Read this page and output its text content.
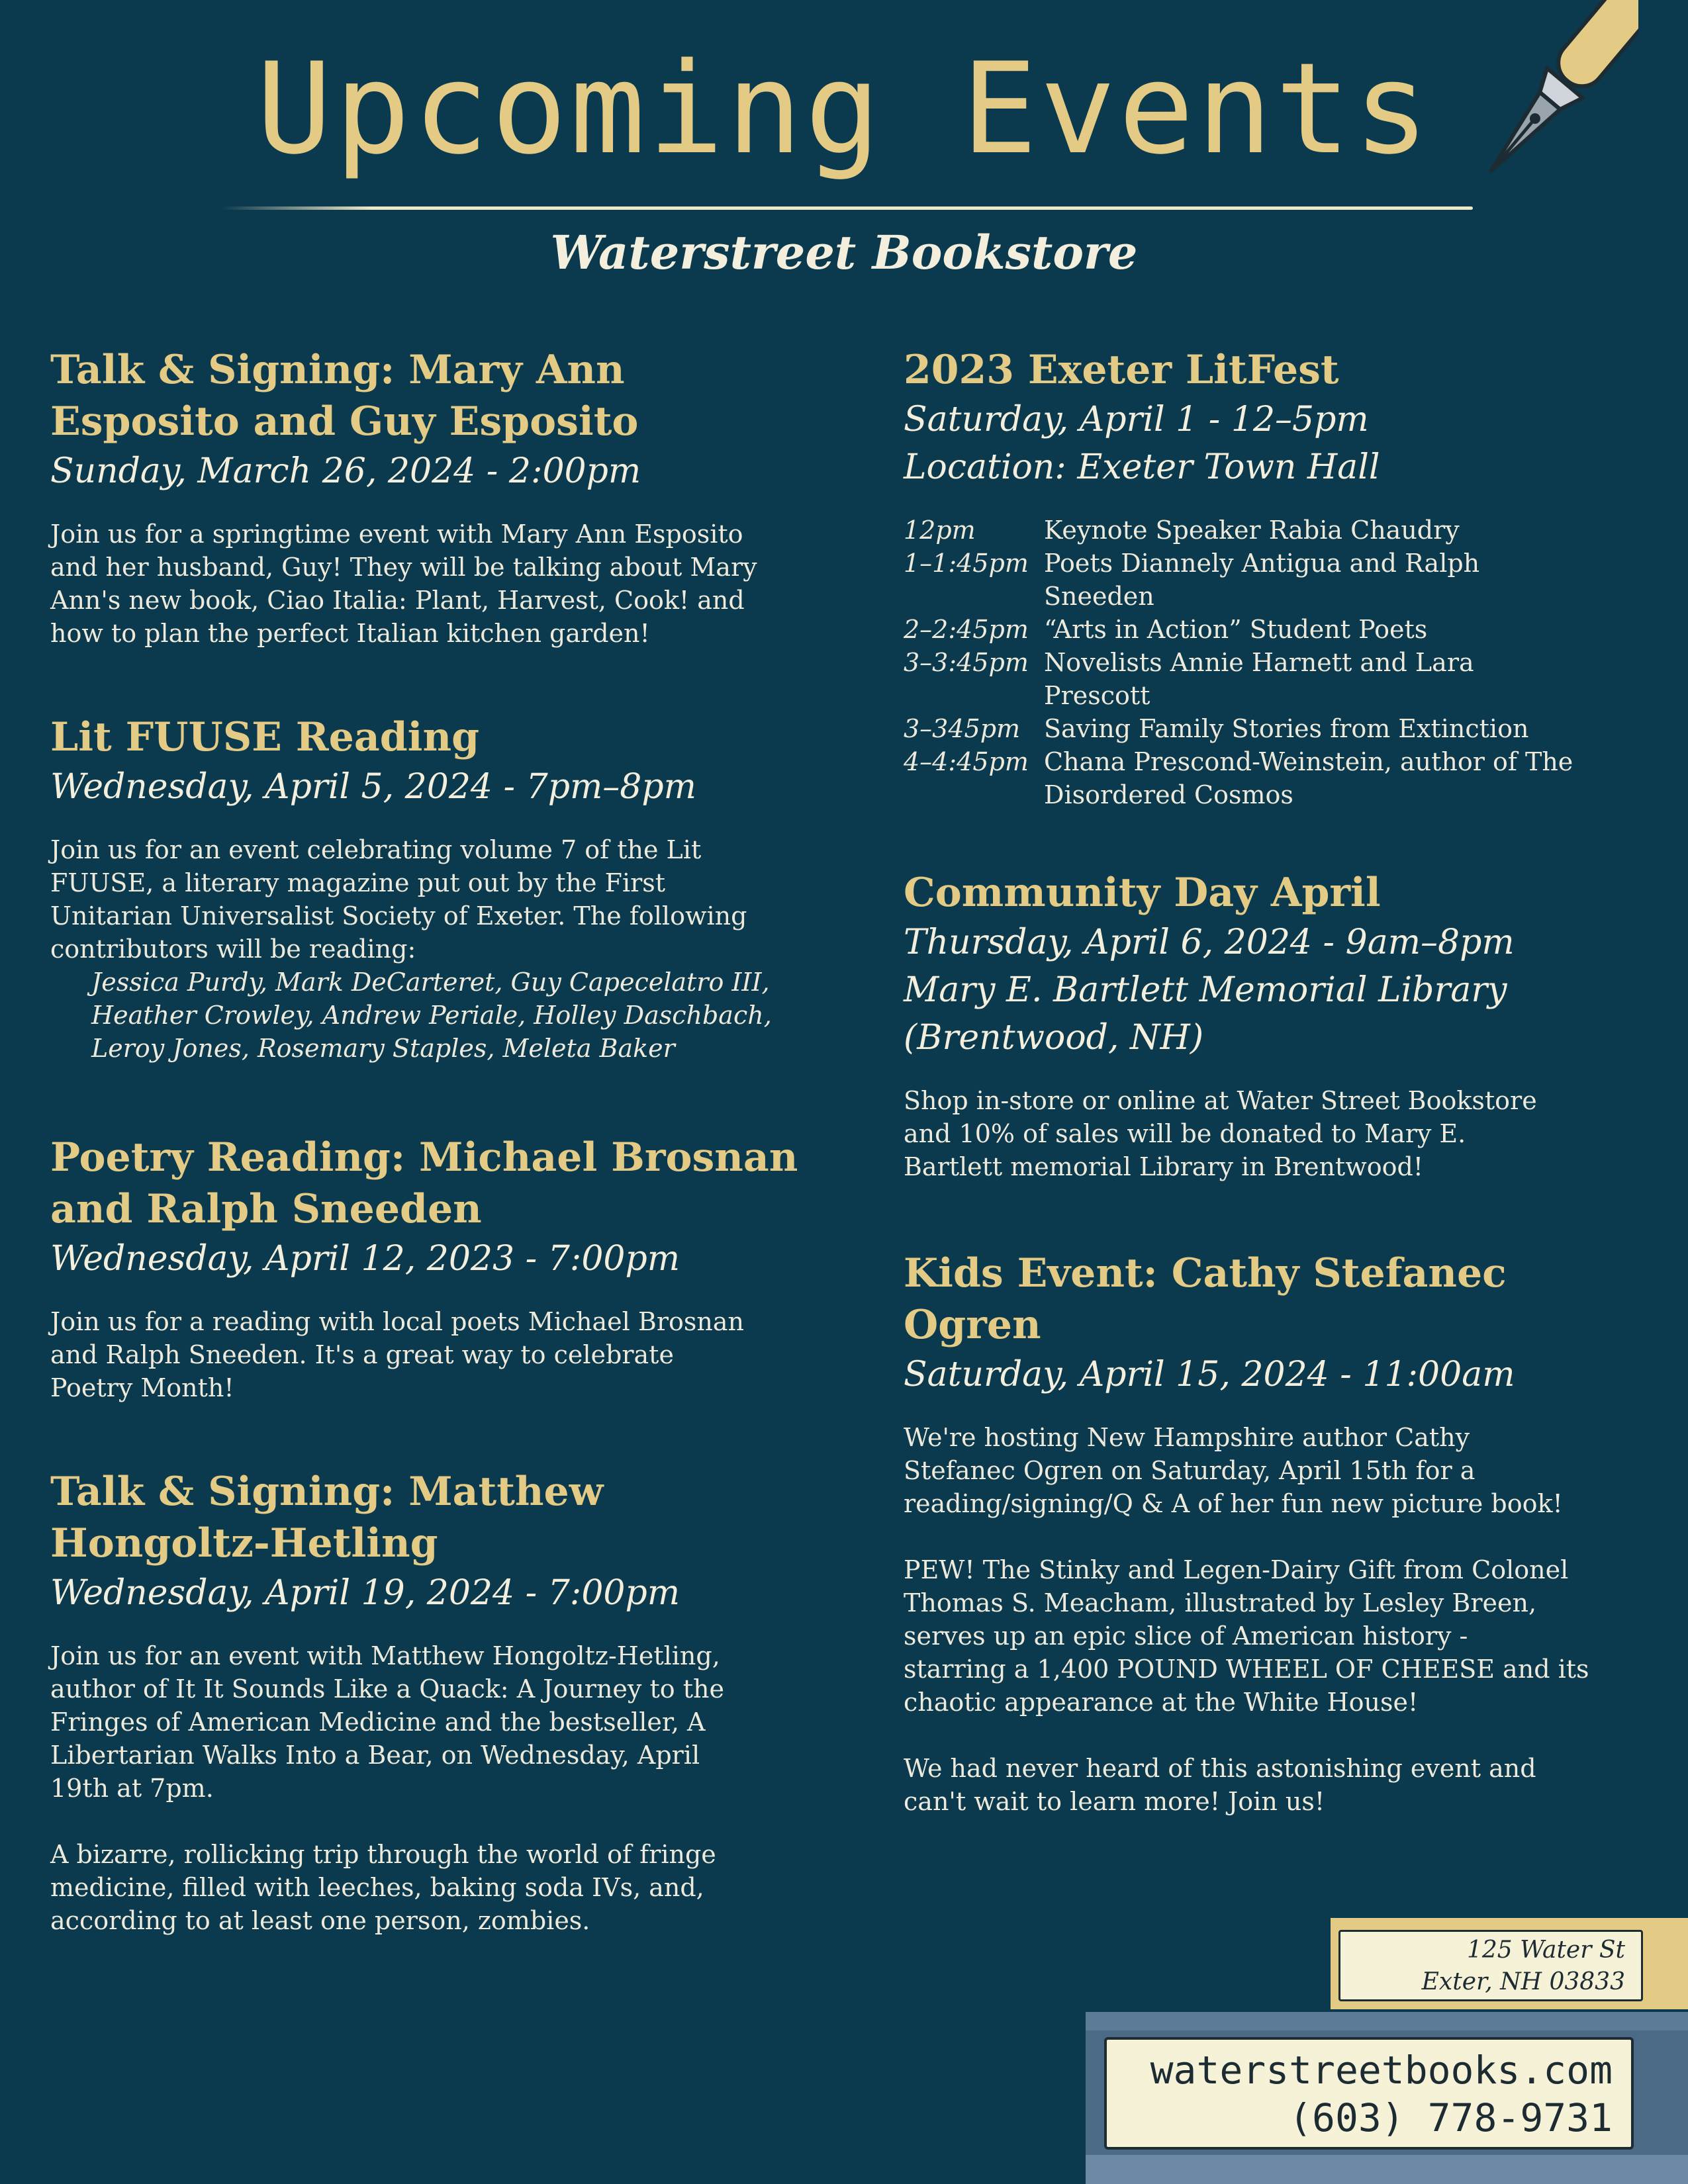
Upcoming Events
Waterstreet Bookstore
Talk & Signing: Mary Ann
Esposito and Guy Esposito
Sunday, March 26, 2024 - 2:00pm

Join us for a springtime event with Mary Ann Esposito
and her husband, Guy! They will be talking about Mary
Ann's new book, Ciao Italia: Plant, Harvest, Cook! and
how to plan the perfect Italian kitchen garden!

Lit FUUSE Reading
Wednesday, April 5, 2024 - 7pm–8pm

Join us for an event celebrating volume 7 of the Lit
FUUSE, a literary magazine put out by the First
Unitarian Universalist Society of Exeter. The following
contributors will be reading:

Jessica Purdy, Mark DeCarteret, Guy Capecelatro III,
Heather Crowley, Andrew Periale, Holley Daschbach,
Leroy Jones, Rosemary Staples, Meleta Baker

Poetry Reading: Michael Brosnan
and Ralph Sneeden
Wednesday, April 12, 2023 - 7:00pm

Join us for a reading with local poets Michael Brosnan
and Ralph Sneeden. It's a great way to celebrate
Poetry Month!

Talk & Signing: Matthew
Hongoltz-Hetling
Wednesday, April 19, 2024 - 7:00pm

Join us for an event with Matthew Hongoltz-Hetling,
author of It It Sounds Like a Quack: A Journey to the
Fringes of American Medicine and the bestseller, A
Libertarian Walks Into a Bear, on Wednesday, April
19th at 7pm.

A bizarre, rollicking trip through the world of fringe
medicine, filled with leeches, baking soda IVs, and,
according to at least one person, zombies.

2023 Exeter LitFest
Saturday, April 1 - 12–5pm
Location: Exeter Town Hall
12pm	Keynote Speaker Rabia Chaudry
1–1:45pm Poets Diannely Antigua and Ralph
Sneeden
2–2:45pm “Arts in Action” Student Poets
3–3:45pm Novelists Annie Harnett and Lara
Prescott
3–345pm Saving Family Stories from Extinction
4–4:45pm Chana Prescond-Weinstein, author of The
Disordered Cosmos
Community Day April
Thursday, April 6, 2024 - 9am–8pm
Mary E. Bartlett Memorial Library
(Brentwood, NH)

Shop in-store or online at Water Street Bookstore
and 10% of sales will be donated to Mary E.
Bartlett memorial Library in Brentwood!

Kids Event: Cathy Stefanec
Ogren
Saturday, April 15, 2024 - 11:00am

We're hosting New Hampshire author Cathy
Stefanec Ogren on Saturday, April 15th for a
reading/signing/Q & A of her fun new picture book!

PEW! The Stinky and Legen-Dairy Gift from Colonel
Thomas S. Meacham, illustrated by Lesley Breen,
serves up an epic slice of American history -
starring a 1,400 POUND WHEEL OF CHEESE and its
chaotic appearance at the White House!

We had never heard of this astonishing event and
can't wait to learn more! Join us!

125 Water St
Exter, NH 03833
waterstreetbooks.com
(603) 778-9731
